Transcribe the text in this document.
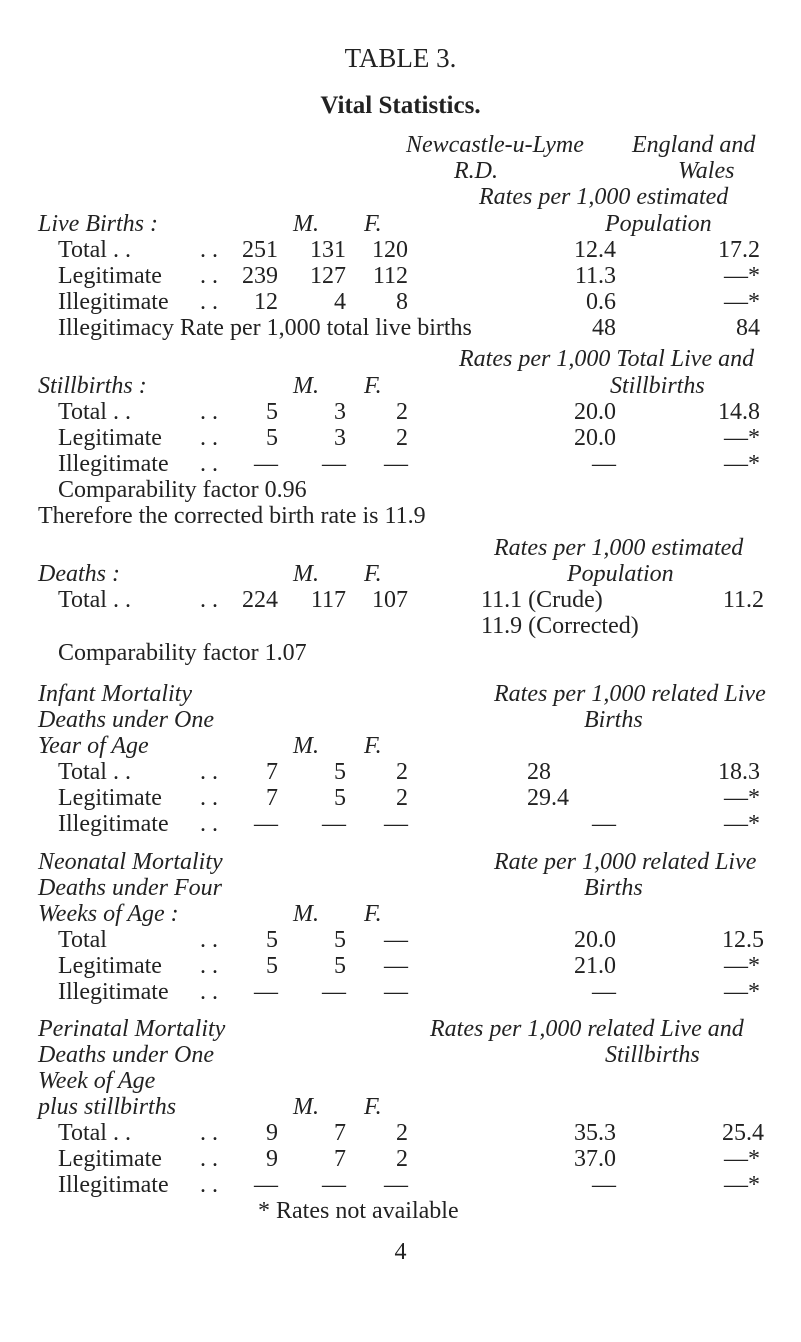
TABLE 3.
Vital Statistics.
Newcastle-u-Lyme England and
R.D.	Wales
Rates per 1,000 estimated
Live Births :	M. F.	Population
Total . .	. .	251	131	120	12.4	17.2
Legitimate . .	239	127	112	11.3	—*
Illegitimate . .	12	4	8	0.6	—*
Illegitimacy Rate per 1,000 total live births	48	84
Rates per 1,000 Total Live and
Stillbirths :	M. F.	Stillbirths
Total . .	. .	5	3	2	20.0	14.8
Legitimate . .	5	3	2	20.0	—*
Illegitimate . .	—	—	—	—	—*
Comparability factor 0.96
Therefore the corrected birth rate is 11.9
Rates per 1,000 estimated
Deaths :	M. F.	Population
Total . .	. .	224	117	107	11.1 (Crude)	11.2
11.9 (Corrected)
Comparability factor 1.07
Infant Mortality
Deaths under One
Year of Age
Rates per 1,000 related Live
Births
M. F.
Total . .	. .	7	5	2	28	18.3
Legitimate . .	7	5	2	29.4	—*
Illegitimate . .	—	—	—	—	—*
Neonatal Mortality
Deaths under Four
Weeks of Age :
Rate per 1,000 related Live
Births
M. F.
Total	. .	5	5	—	20.0	12.5
Legitimate . .	5	5	—	21.0	—*
Illegitimate . .	—	—	—	—	—*
Perinatal Mortality
Deaths under One
Week of Age
plus stillbirths
Rates per 1,000 related Live and
Stillbirths
M. F.
Total . .	. .	9	7	2	35.3	25.4
Legitimate . .	9	7	2	37.0	—*
Illegitimate . .	—	—	—	—	—*
* Rates not available
4
